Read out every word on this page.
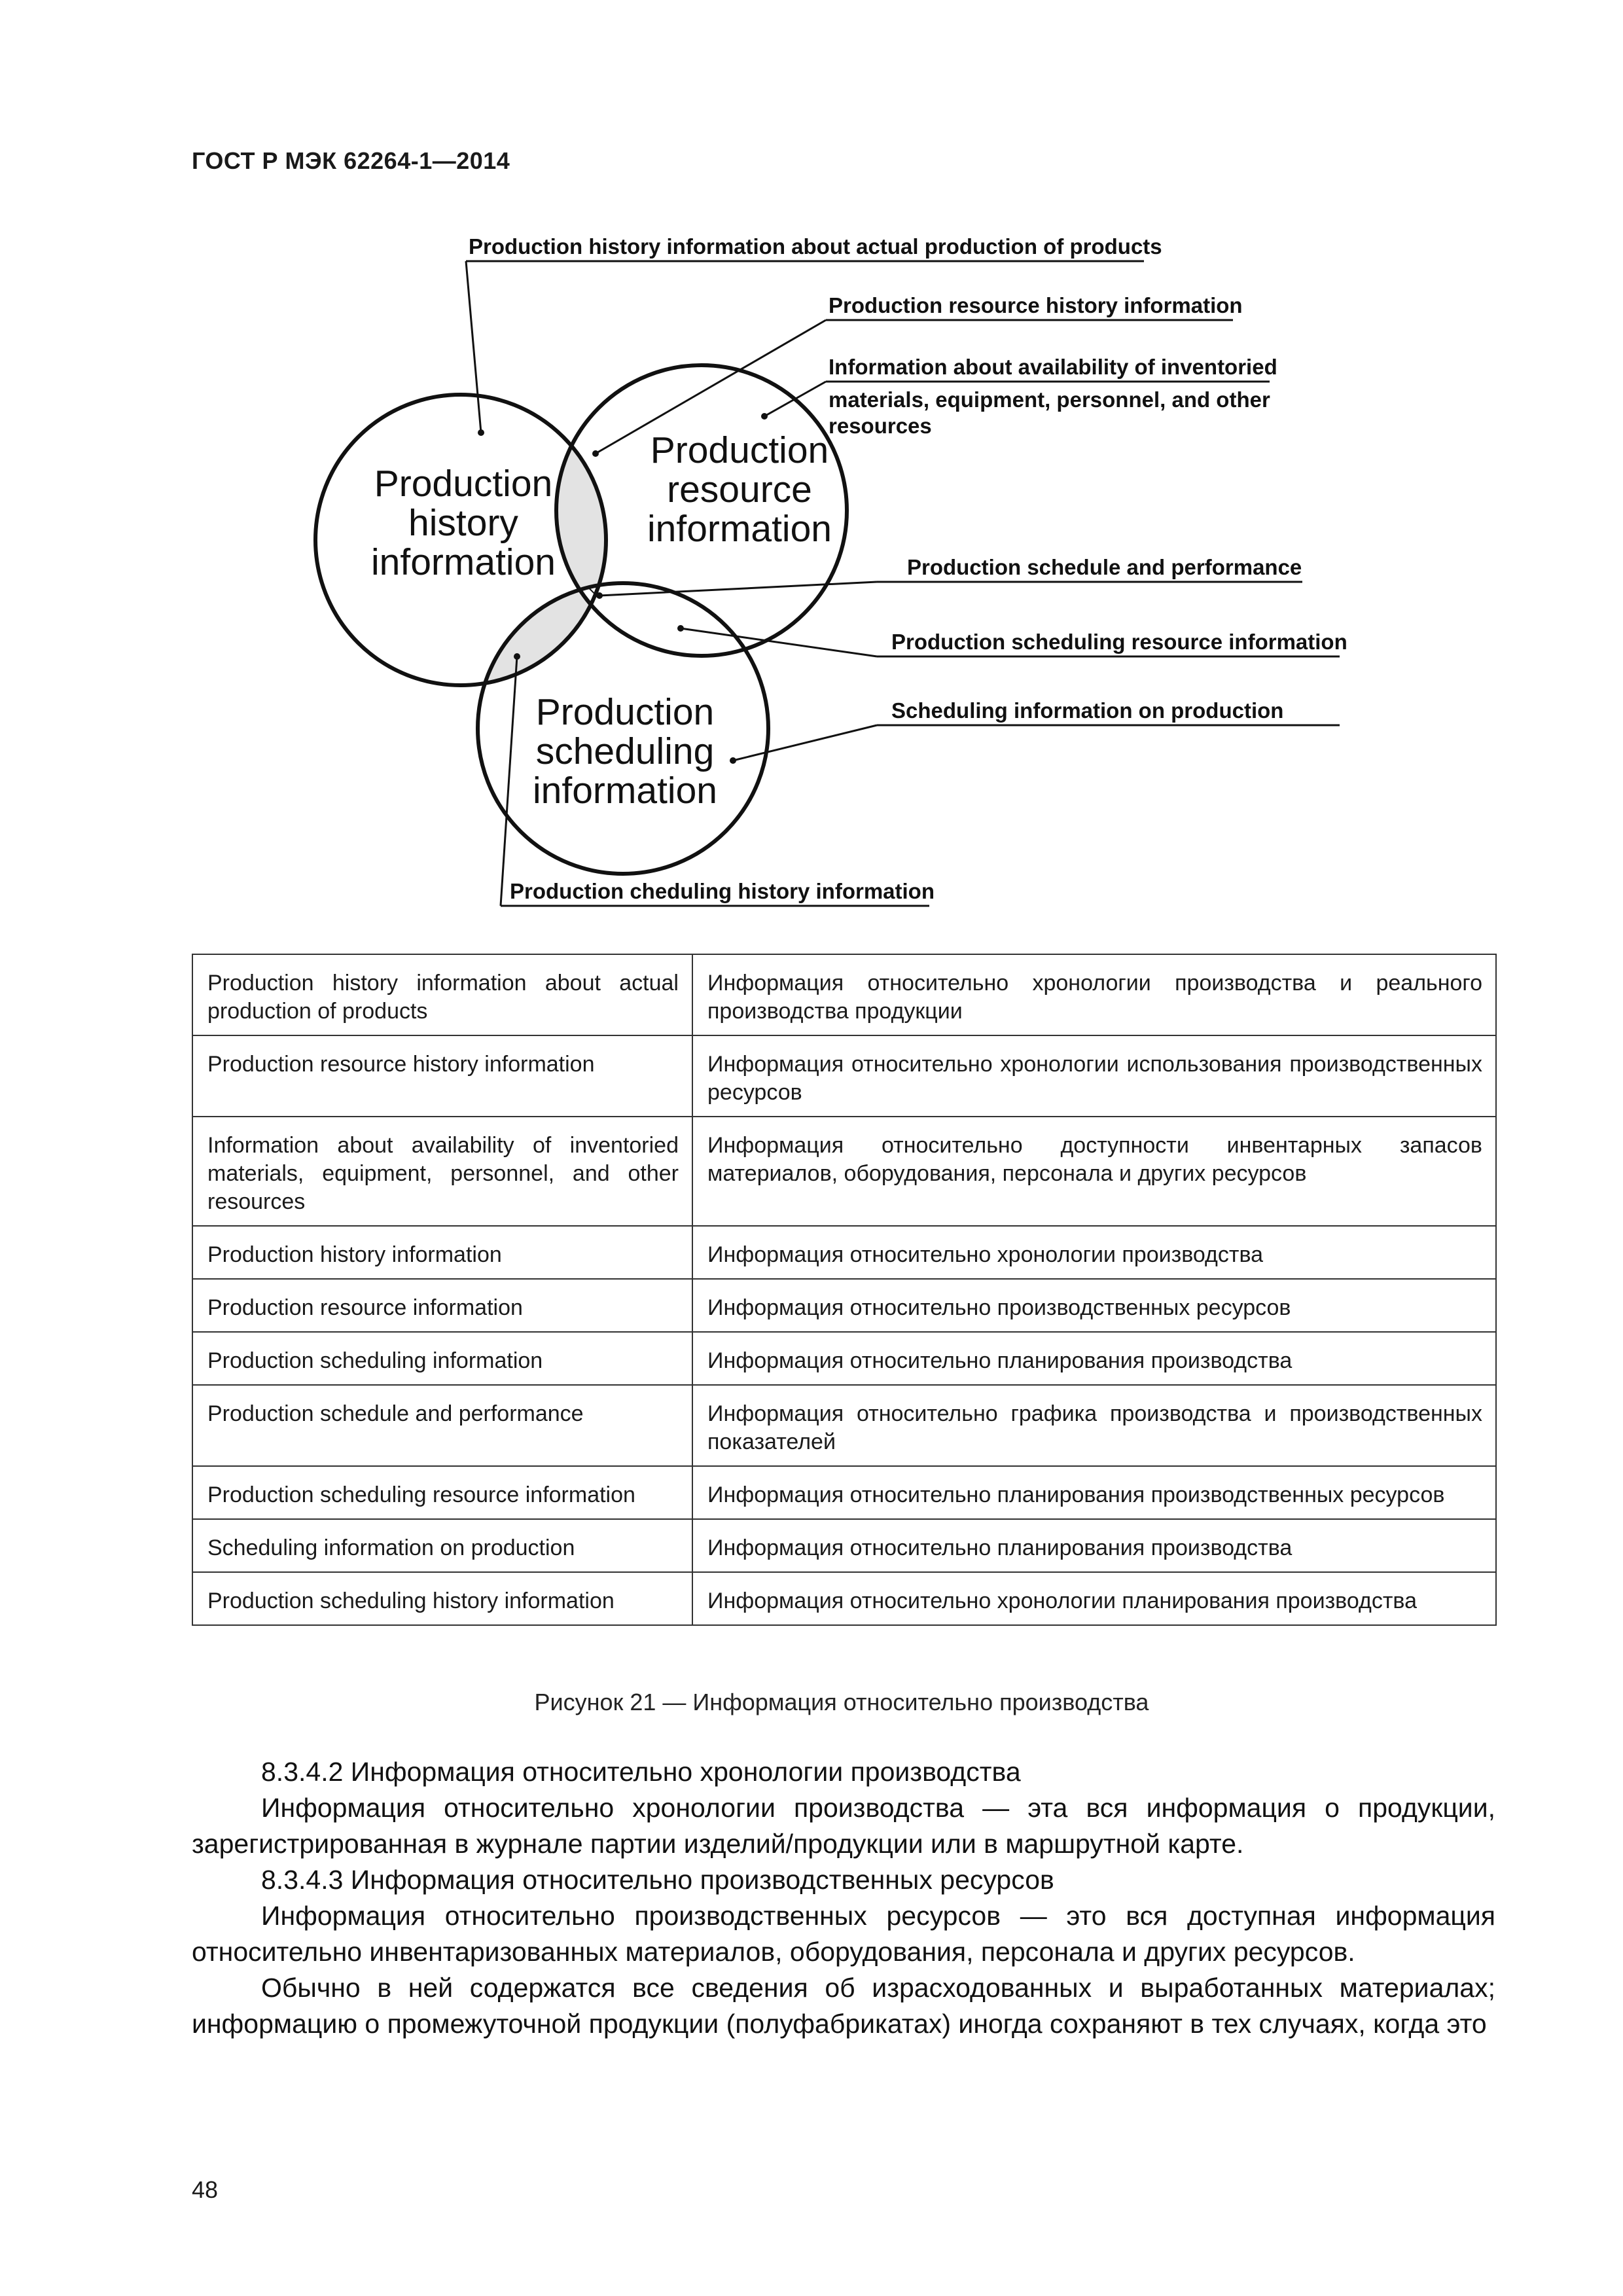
ГОСТ Р МЭК 62264-1—2014
Production
history
information
Production
resource
information
Production
scheduling
information
Production history information about actual production of products
Production resource history information
Information about availability of inventoried
materials, equipment, personnel, and other
resources
Production schedule and performance
Production scheduling resource information
Scheduling information on production
Production cheduling history information
Production history information about actual production of products	Информация относительно хронологии производства и реального производства продукции
Production resource history information	Информация относительно хронологии использования производственных ресурсов
Information about availability of inventoried materials, equipment, personnel, and other resources	Информация относительно доступности инвентарных запасов материалов, оборудования, персонала и других ресурсов
Production history information	Информация относительно хронологии производства
Production resource information	Информация относительно производственных ресурсов
Production scheduling information	Информация относительно планирования производства
Production schedule and performance	Информация относительно графика производства и производственных показателей
Production scheduling resource information	Информация относительно планирования производственных ресурсов
Scheduling information on production	Информация относительно планирования производства
Production scheduling history information	Информация относительно хронологии планирования производства
Рисунок 21 — Информация относительно производства

8.3.4.2 Информация относительно хронологии производства

Информация относительно хронологии производства — эта вся информация о продукции, зарегистрированная в журнале партии изделий/продукции или в маршрутной карте.

8.3.4.3 Информация относительно производственных ресурсов

Информация относительно производственных ресурсов — это вся доступная информация относительно инвентаризованных материалов, оборудования, персонала и других ресурсов.

Обычно в ней содержатся все сведения об израсходованных и выработанных материалах; информацию о промежуточной продукции (полуфабрикатах) иногда сохраняют в тех случаях, когда это

48
